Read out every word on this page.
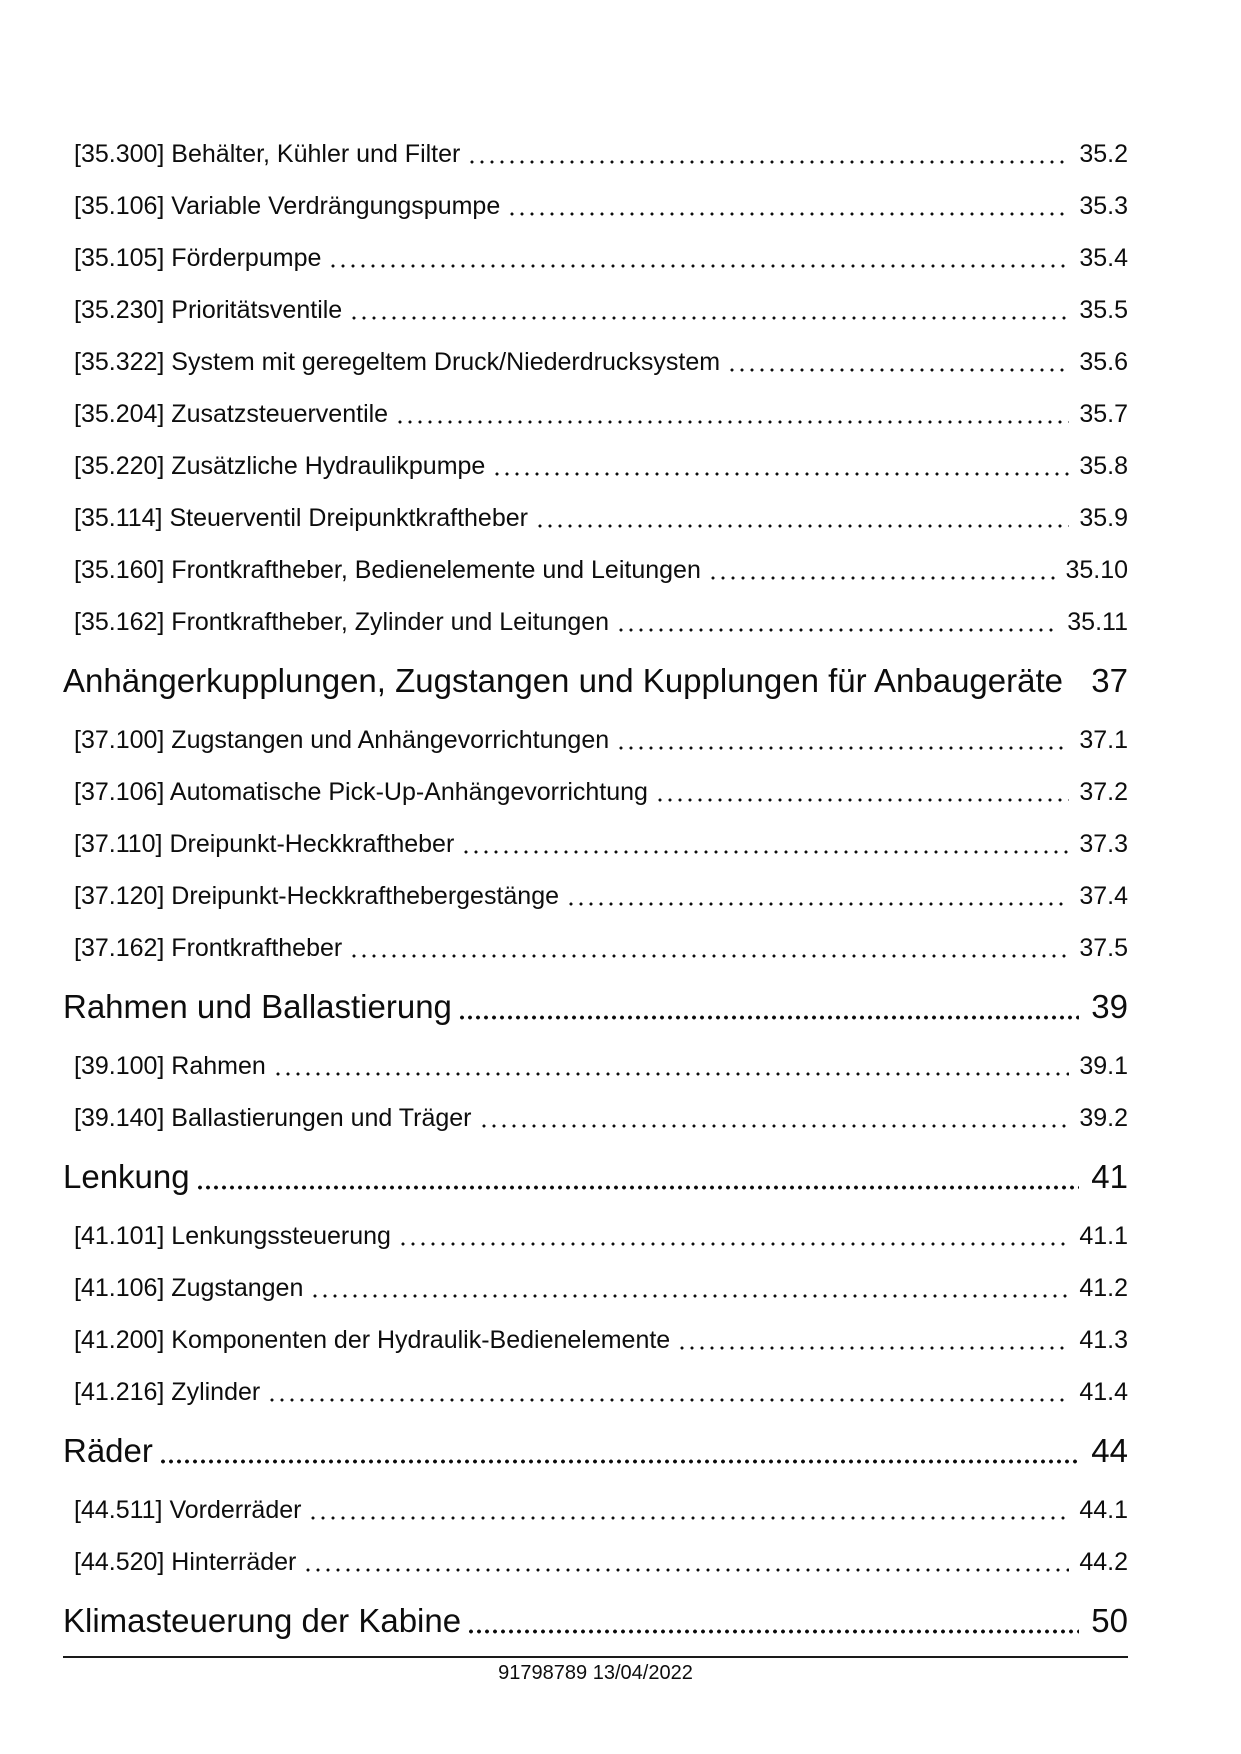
[35.300] Behälter, Kühler und Filter	35.2
[35.106] Variable Verdrängungspumpe	35.3
[35.105] Förderpumpe	35.4
[35.230] Prioritätsventile	35.5
[35.322] System mit geregeltem Druck/Niederdrucksystem	35.6
[35.204] Zusatzsteuerventile	35.7
[35.220] Zusätzliche Hydraulikpumpe	35.8
[35.114] Steuerventil Dreipunktkraftheber	35.9
[35.160] Frontkraftheber, Bedienelemente und Leitungen	35.10
[35.162] Frontkraftheber, Zylinder und Leitungen	35.11
Anhängerkupplungen, Zugstangen und Kupplungen für Anbaugeräte 37
[37.100] Zugstangen und Anhängevorrichtungen	37.1
[37.106] Automatische Pick-Up-Anhängevorrichtung	37.2
[37.110] Dreipunkt-Heckkraftheber	37.3
[37.120] Dreipunkt-Heckkrafthebergestänge	37.4
[37.162] Frontkraftheber	37.5
Rahmen und Ballastierung	39
[39.100] Rahmen	39.1
[39.140] Ballastierungen und Träger	39.2
Lenkung	41
[41.101] Lenkungssteuerung	41.1
[41.106] Zugstangen	41.2
[41.200] Komponenten der Hydraulik-Bedienelemente	41.3
[41.216] Zylinder	41.4
Räder	44
[44.511] Vorderräder	44.1
[44.520] Hinterräder	44.2
Klimasteuerung der Kabine	50
91798789 13/04/2022
